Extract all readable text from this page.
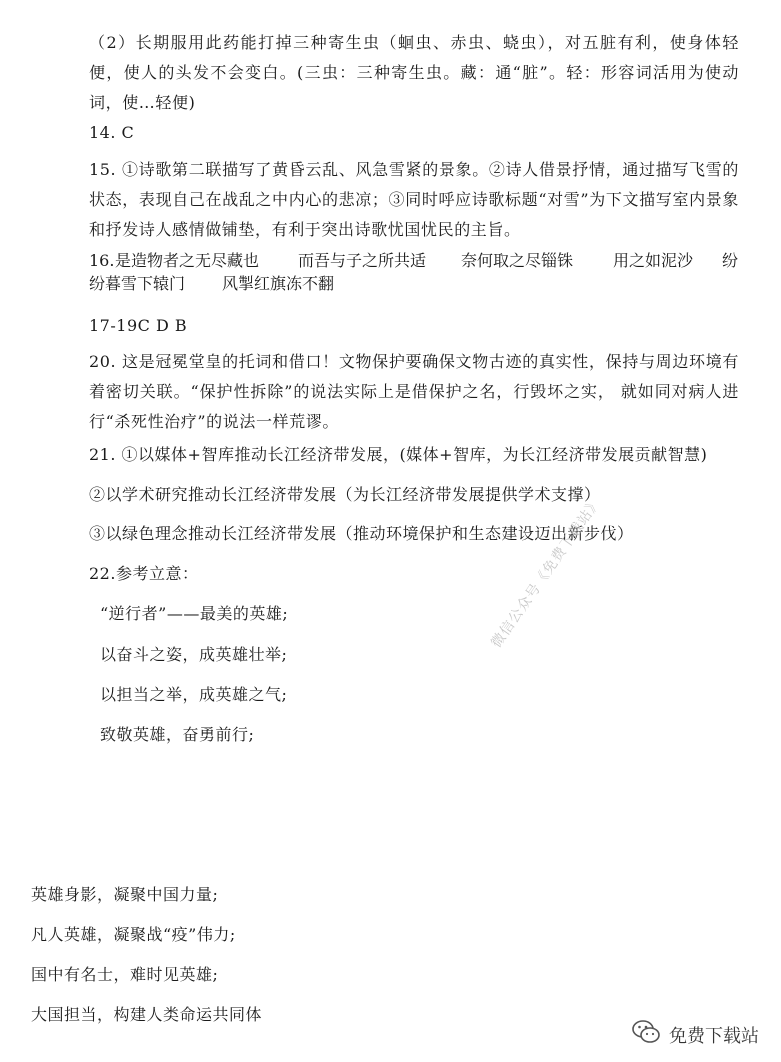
（2）长期服用此药能打掉三种寄生虫（蛔虫、赤虫、蛲虫），对五脏有利，使身体轻便，使人的头发不会变白。(三虫：三种寄生虫。藏：通“脏”。轻：形容词活用为使动词，使…轻便)
14. C
15. ①诗歌第二联描写了黄昏云乱、风急雪紧的景象。②诗人借景抒情，通过描写飞雪的状态，表现自己在战乱之中内心的悲凉；③同时呼应诗歌标题“对雪”为下文描写室内景象和抒发诗人感情做铺垫，有利于突出诗歌忧国忧民的主旨。
16. 是造物者之无尽藏也 而吾与子之所共适 奈何取之尽锱铢 用之如泥沙 纷
纷暮雪下辕门 风掣红旗冻不翻
17-19C D B
20. 这是冠冕堂皇的托词和借口！文物保护要确保文物古迹的真实性，保持与周边环境有着密切关联。“保护性拆除”的说法实际上是借保护之名，行毁坏之实， 就如同对病人进行“杀死性治疗”的说法一样荒谬。
21. ①以媒体+智库推动长江经济带发展，(媒体+智库，为长江经济带发展贡献智慧)
②以学术研究推动长江经济带发展（为长江经济带发展提供学术支撑）
③以绿色理念推动长江经济带发展（推动环境保护和生态建设迈出新步伐）
22.参考立意：
“逆行者”——最美的英雄;
以奋斗之姿，成英雄壮举;
以担当之举，成英雄之气;
致敬英雄，奋勇前行;
英雄身影，凝聚中国力量;
凡人英雄，凝聚战“疫”伟力;
国中有名士，难时见英雄;
大国担当，构建人类命运共同体
微信公众号《免费下载站》
免费下载站
